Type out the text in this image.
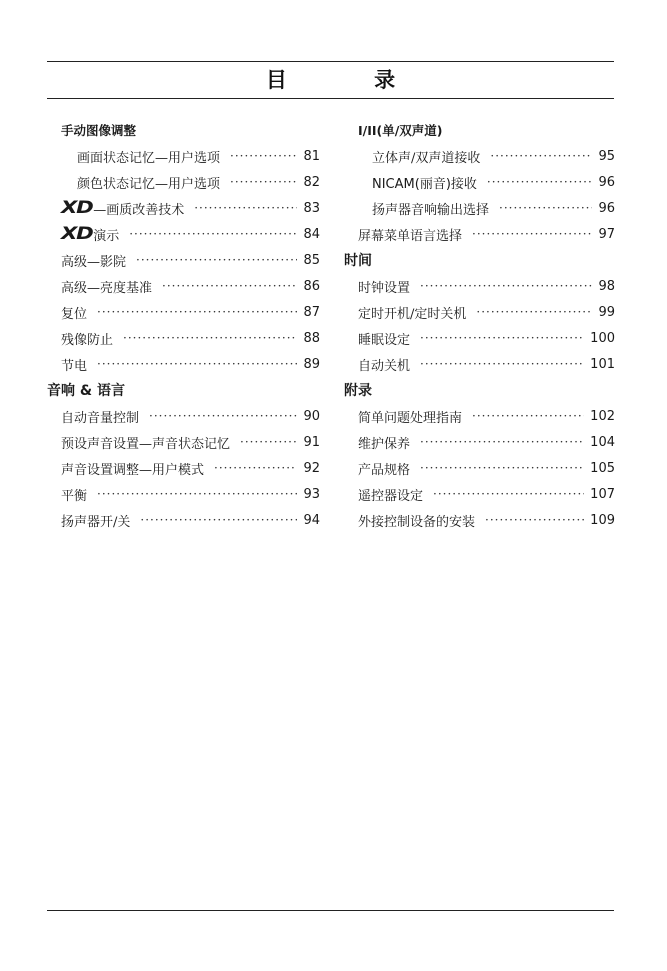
目 录
手动图像调整
画面状态记忆—用户选项 ·····	81
颜色状态记忆—用户选项 ·····	82
XD —画质改善技术 ·····	83
XD 演示 ·····	84
高级—影院 ·····	85
高级—亮度基准 ·····	86
复位 ·····	87
残像防止 ·····	88
节电 ·····	89
音响 & 语言
自动音量控制 ·····	90
预设声音设置—声音状态记忆 ·····	91
声音设置调整—用户模式 ·····	92
平衡 ·····	93
扬声器开/关 ·····	94
I/II(单/双声道)
立体声/双声道接收 ·····	95
NICAM(丽音)接收 ·····	96
扬声器音响输出选择 ·····	96
屏幕菜单语言选择 ·····	97
时间
时钟设置 ·····	98
定时开机/定时关机 ·····	99
睡眠设定 ·····	100
自动关机 ·····	101
附录
简单问题处理指南 ·····	102
维护保养 ·····	104
产品规格 ·····	105
遥控器设定 ·····	107
外接控制设备的安装 ·····	109
